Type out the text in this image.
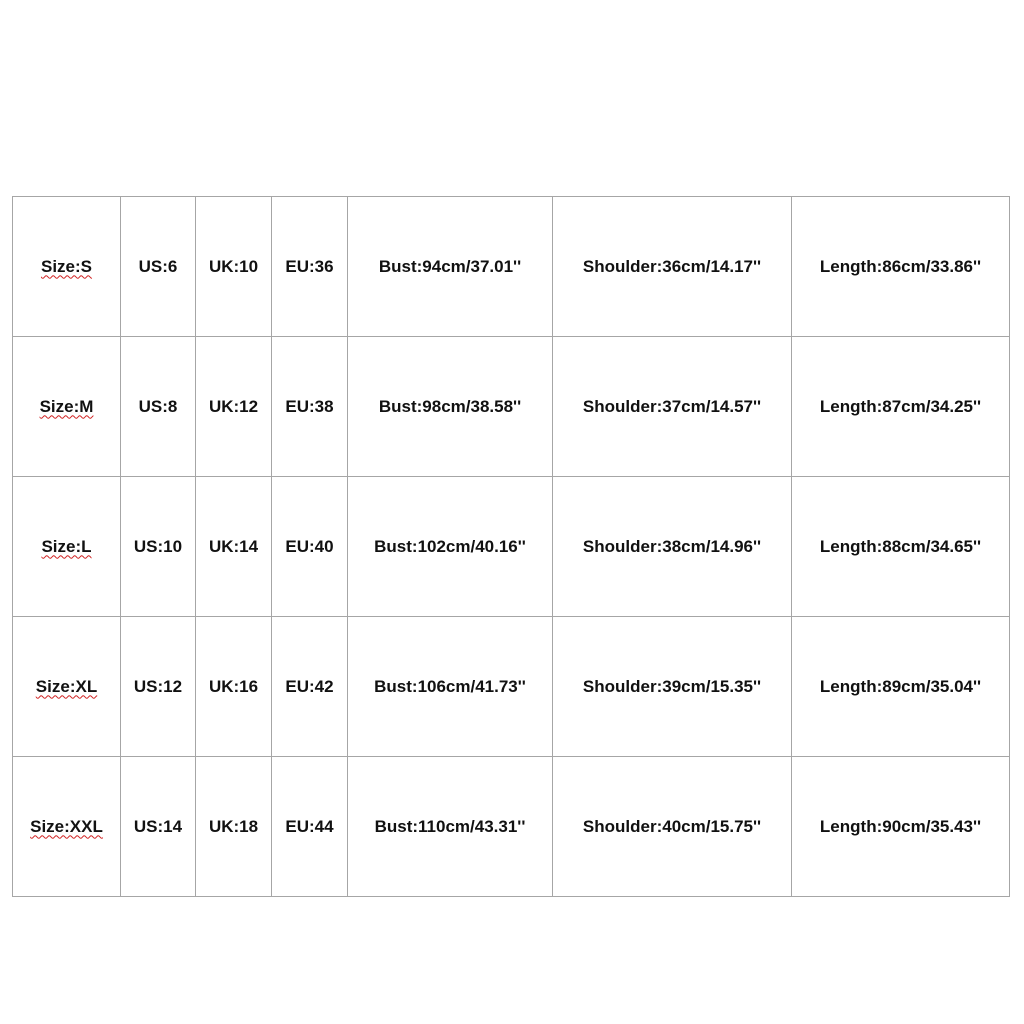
Size:S	US:6	UK:10	EU:36	Bust:94cm/37.01''	Shoulder:36cm/14.17''	Length:86cm/33.86''
Size:M	US:8	UK:12	EU:38	Bust:98cm/38.58''	Shoulder:37cm/14.57''	Length:87cm/34.25''
Size:L	US:10	UK:14	EU:40	Bust:102cm/40.16''	Shoulder:38cm/14.96''	Length:88cm/34.65''
Size:XL	US:12	UK:16	EU:42	Bust:106cm/41.73''	Shoulder:39cm/15.35''	Length:89cm/35.04''
Size:XXL	US:14	UK:18	EU:44	Bust:110cm/43.31''	Shoulder:40cm/15.75''	Length:90cm/35.43''
